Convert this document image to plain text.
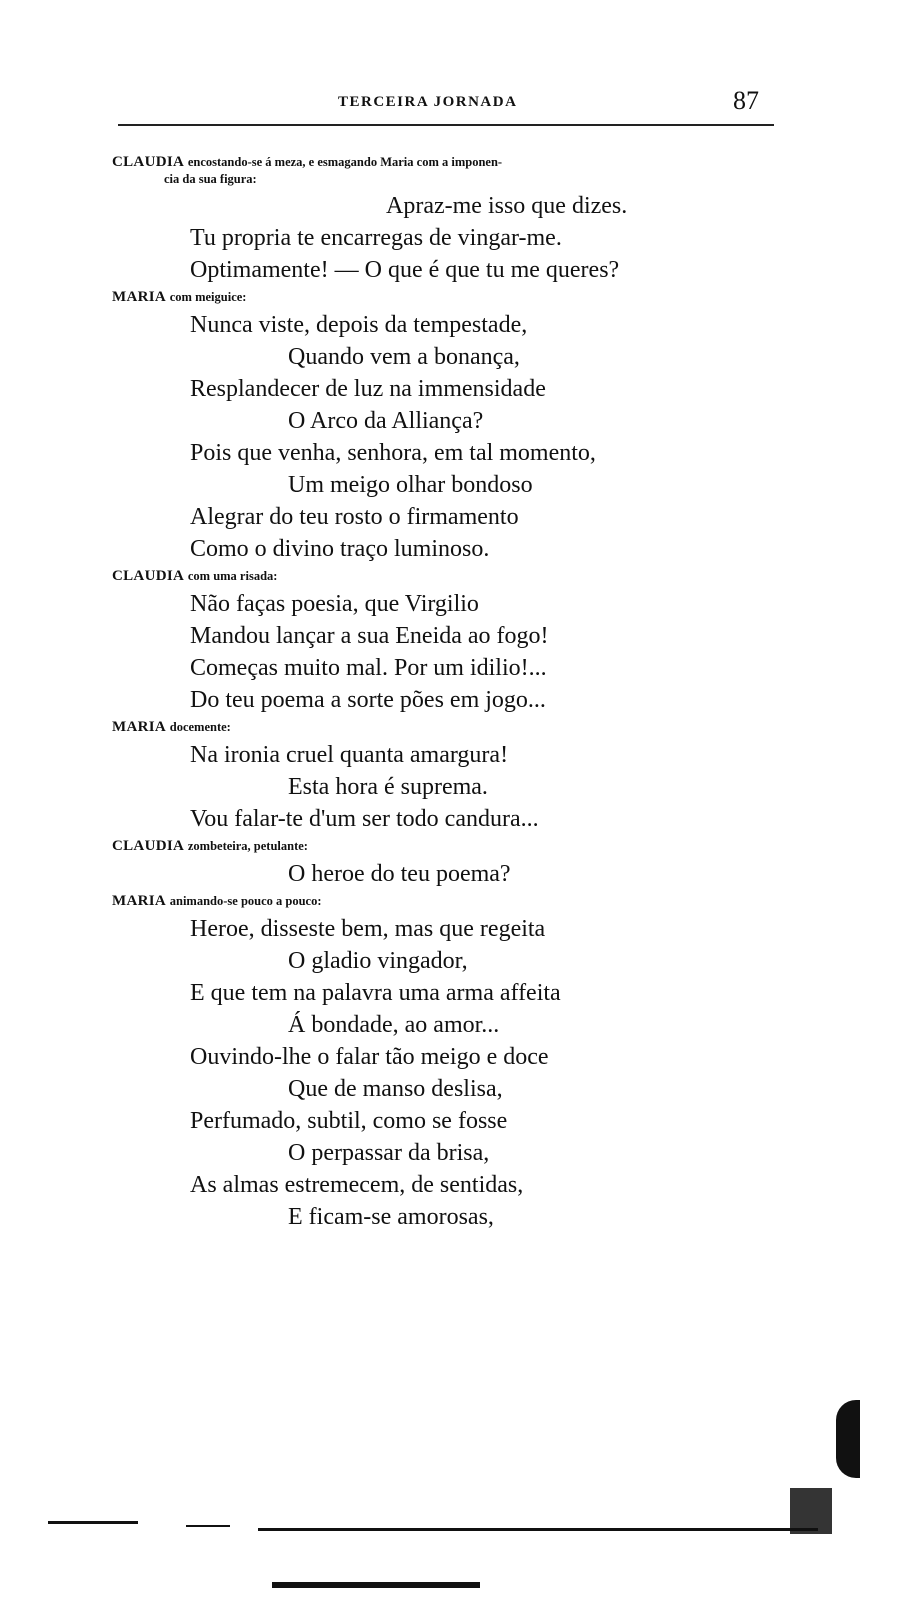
TERCEIRA JORNADA	87
CLAUDIA encostando-se á meza, e esmagando Maria com a imponen-
cia da sua figura:
Apraz-me isso que dizes.
Tu propria te encarregas de vingar-me.
Optimamente! — O que é que tu me queres?
MARIA com meiguice:
Nunca viste, depois da tempestade,
Quando vem a bonança,
Resplandecer de luz na immensidade
O Arco da Alliança?
Pois que venha, senhora, em tal momento,
Um meigo olhar bondoso
Alegrar do teu rosto o firmamento
Como o divino traço luminoso.
CLAUDIA com uma risada:
Não faças poesia, que Virgilio
Mandou lançar a sua Eneida ao fogo!
Começas muito mal. Por um idilio!...
Do teu poema a sorte pões em jogo...
MARIA docemente:
Na ironia cruel quanta amargura!
Esta hora é suprema.
Vou falar-te d'um ser todo candura...
CLAUDIA zombeteira, petulante:
O heroe do teu poema?
MARIA animando-se pouco a pouco:
Heroe, disseste bem, mas que regeita
O gladio vingador,
E que tem na palavra uma arma affeita
Á bondade, ao amor...
Ouvindo-lhe o falar tão meigo e doce
Que de manso deslisa,
Perfumado, subtil, como se fosse
O perpassar da brisa,
As almas estremecem, de sentidas,
E ficam-se amorosas,
